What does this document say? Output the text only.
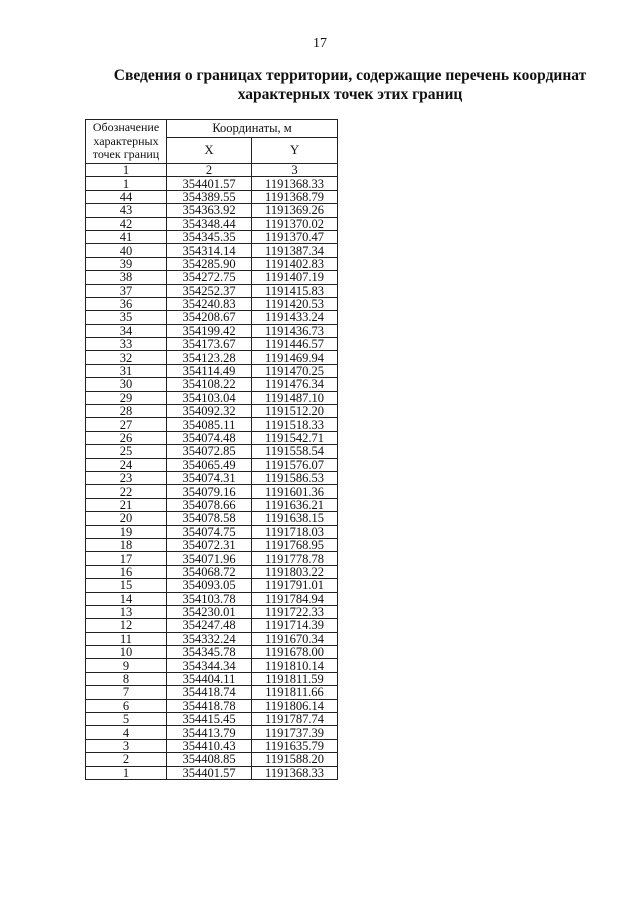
17
Сведения о границах территории, содержащие перечень координат
характерных точек этих границ
Обозначение
характерных
точек границ	Координаты, м	
	X	Y
1	2	3
1	354401.57	1191368.33
44	354389.55	1191368.79
43	354363.92	1191369.26
42	354348.44	1191370.02
41	354345.35	1191370.47
40	354314.14	1191387.34
39	354285.90	1191402.83
38	354272.75	1191407.19
37	354252.37	1191415.83
36	354240.83	1191420.53
35	354208.67	1191433.24
34	354199.42	1191436.73
33	354173.67	1191446.57
32	354123.28	1191469.94
31	354114.49	1191470.25
30	354108.22	1191476.34
29	354103.04	1191487.10
28	354092.32	1191512.20
27	354085.11	1191518.33
26	354074.48	1191542.71
25	354072.85	1191558.54
24	354065.49	1191576.07
23	354074.31	1191586.53
22	354079.16	1191601.36
21	354078.66	1191636.21
20	354078.58	1191638.15
19	354074.75	1191718.03
18	354072.31	1191768.95
17	354071.96	1191778.78
16	354068.72	1191803.22
15	354093.05	1191791.01
14	354103.78	1191784.94
13	354230.01	1191722.33
12	354247.48	1191714.39
11	354332.24	1191670.34
10	354345.78	1191678.00
9	354344.34	1191810.14
8	354404.11	1191811.59
7	354418.74	1191811.66
6	354418.78	1191806.14
5	354415.45	1191787.74
4	354413.79	1191737.39
3	354410.43	1191635.79
2	354408.85	1191588.20
1	354401.57	1191368.33
